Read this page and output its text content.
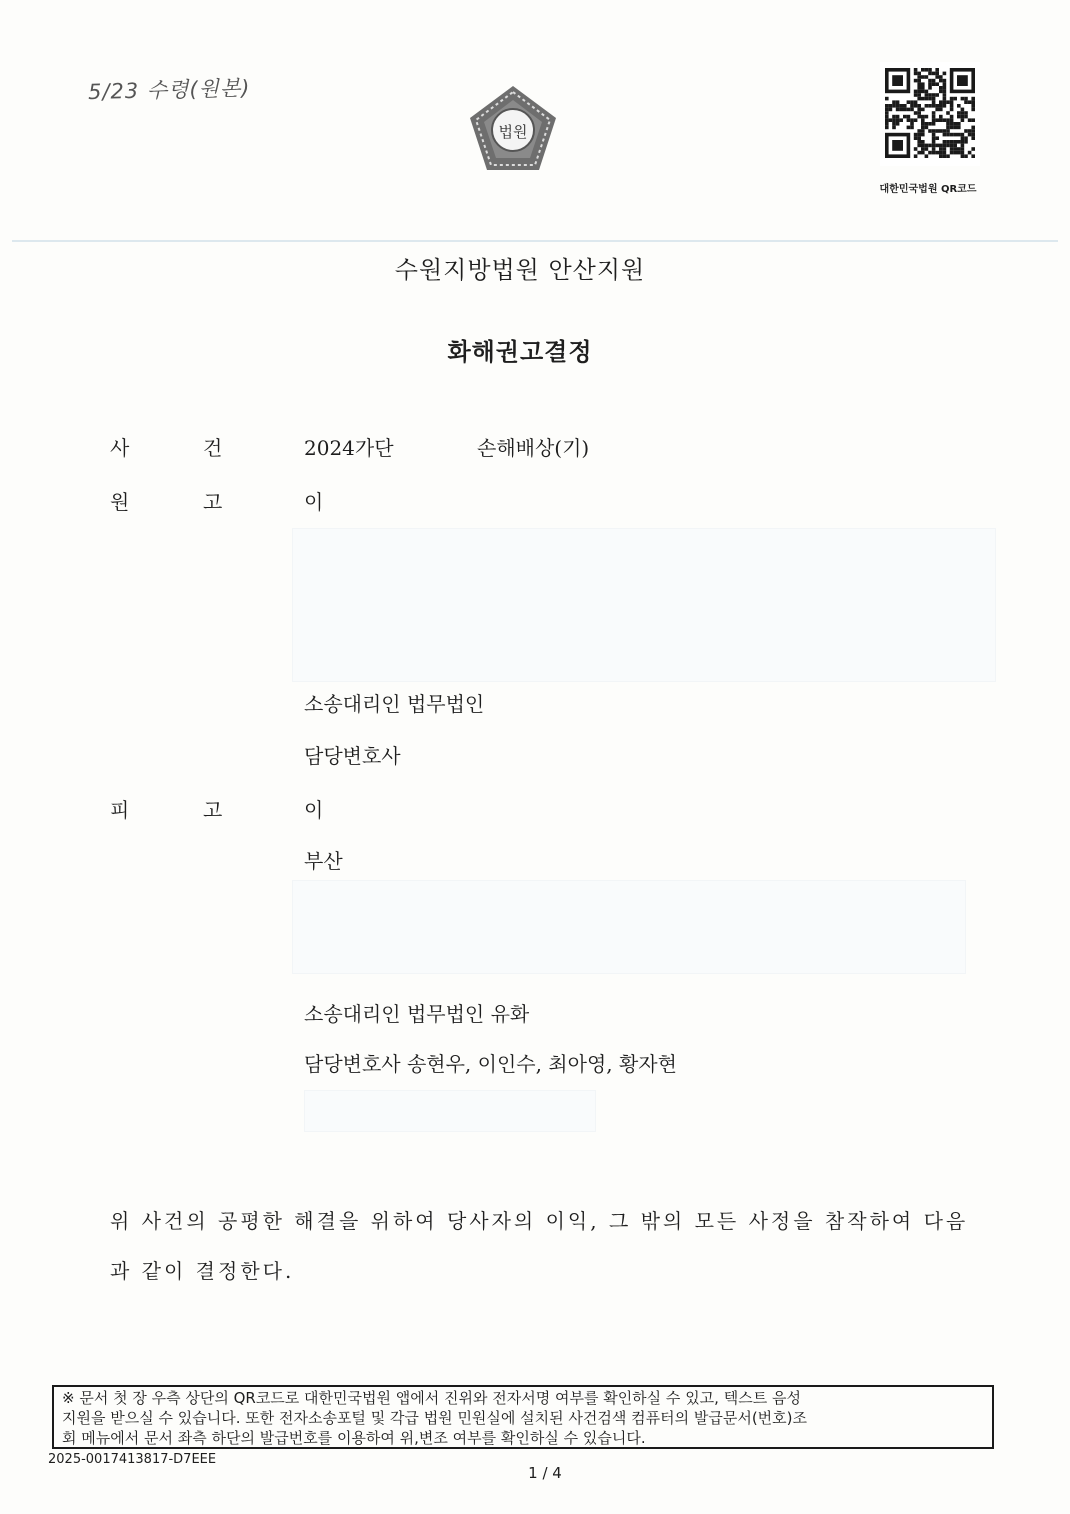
5/23 수령(원본)
법원
대한민국법원 QR코드
수원지방법원 안산지원
화해권고결정
사	건	2024가단	손해배상(기)
원	고	이
소송대리인 법무법인
담당변호사
피	고	이
부산
소송대리인 법무법인 유화
담당변호사 송현우, 이인수, 최아영, 황자현
위 사건의 공평한 해결을 위하여 당사자의 이익, 그 밖의 모든 사정을 참작하여 다음
과 같이 결정한다.
※ 문서 첫 장 우측 상단의 QR코드로 대한민국법원 앱에서 진위와 전자서명 여부를 확인하실 수 있고, 텍스트 음성
지원을 받으실 수 있습니다. 또한 전자소송포털 및 각급 법원 민원실에 설치된 사건검색 컴퓨터의 발급문서(번호)조
회 메뉴에서 문서 좌측 하단의 발급번호를 이용하여 위,변조 여부를 확인하실 수 있습니다.
2025-0017413817-D7EEE
1 / 4
